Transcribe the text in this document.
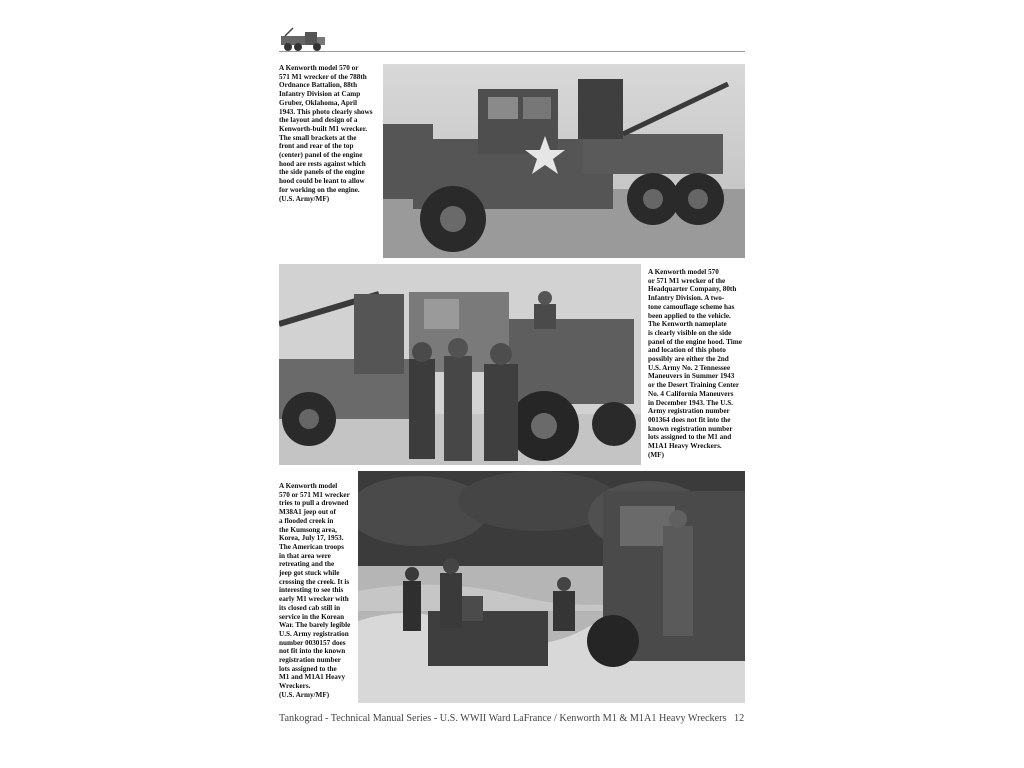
A Kenworth model 570 or
571 M1 wrecker of the 788th
Ordnance Battalion, 88th
Infantry Division at Camp
Gruber, Oklahoma, April
1943. This photo clearly shows
the layout and design of a
Kenworth-built M1 wrecker.
The small brackets at the
front and rear of the top
(center) panel of the engine
hood are rests against which
the side panels of the engine
hood could be leant to allow
for working on the engine.
(U.S. Army/MF)

A Kenworth model 570
or 571 M1 wrecker of the
Headquarter Company, 80th
Infantry Division. A two-
tone camouflage scheme has
been applied to the vehicle.
The Kenworth nameplate
is clearly visible on the side
panel of the engine hood. Time
and location of this photo
possibly are either the 2nd
U.S. Army No. 2 Tennessee
Maneuvers in Summer 1943
or the Desert Training Center
No. 4 California Maneuvers
in December 1943. The U.S.
Army registration number
001364 does not fit into the
known registration number
lots assigned to the M1 and
M1A1 Heavy Wreckers.
(MF)

A Kenworth model
570 or 571 M1 wrecker
tries to pull a drowned
M38A1 jeep out of
a flooded creek in
the Kumsong area,
Korea, July 17, 1953.
The American troops
in that area were
retreating and the
jeep got stuck while
crossing the creek. It is
interesting to see this
early M1 wrecker with
its closed cab still in
service in the Korean
War. The barely legible
U.S. Army registration
number 0030157 does
not fit into the known
registration number
lots assigned to the
M1 and M1A1 Heavy
Wreckers.
(U.S. Army/MF)

Tankograd - Technical Manual Series - U.S. WWII Ward LaFrance / Kenworth M1 & M1A1 Heavy Wreckers 12
